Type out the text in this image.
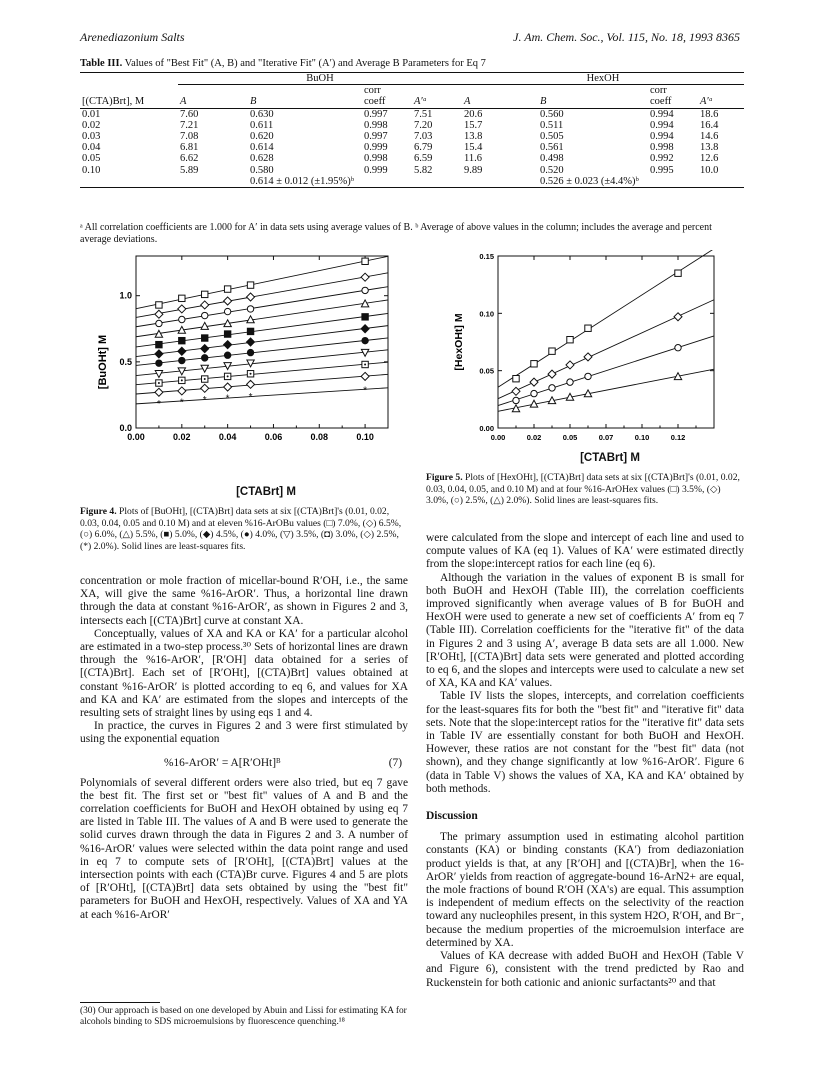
Arenediazonium Salts	J. Am. Chem. Soc., Vol. 115, No. 18, 1993 8365
Table III. Values of "Best Fit" (A, B) and "Iterative Fit" (A′) and Average B Parameters for Eq 7
	BuOH				HexOH			
			corr				corr	
[(CTA)Brt], M	A	B	coeff	A′ᵃ	A	B	coeff	A′ᵃ
0.01	7.60	0.630	0.997	7.51	20.6	0.560	0.994	18.6
0.02	7.21	0.611	0.998	7.20	15.7	0.511	0.994	16.4
0.03	7.08	0.620	0.997	7.03	13.8	0.505	0.994	14.6
0.04	6.81	0.614	0.999	6.79	15.4	0.561	0.998	13.8
0.05	6.62	0.628	0.998	6.59	11.6	0.498	0.992	12.6
0.10	5.89	0.580	0.999	5.82	9.89	0.520	0.995	10.0
		0.614 ± 0.012 (±1.95%)ᵇ				0.526 ± 0.023 (±4.4%)ᵇ		
ᵃ All correlation coefficients are 1.000 for A′ in data sets using average values of B. ᵇ Average of above values in the column; includes the average and percent average deviations.
0.00	0.02	0.04	0.06	0.08	0.10
0.0
0.5
1.0
* * * * *
*
[BuOHt] M
[CTABrt] M
Figure 4. Plots of [BuOHt], [(CTA)Brt] data sets at six [(CTA)Brt]'s (0.01, 0.02, 0.03, 0.04, 0.05 and 0.10 M) and at eleven %16-ArOBu values (□) 7.0%, (◇) 6.5%, (○) 6.0%, (△) 5.5%, (■) 5.0%, (◆) 4.5%, (●) 4.0%, (▽) 3.5%, (◘) 3.0%, (◇) 2.5%, (*) 2.0%). Solid lines are least-squares fits.
0.00	0.02	0.05	0.07	0.10	0.12
0.00
0.05
0.10
0.15
[HexOHt] M
[CTABrt] M
Figure 5. Plots of [HexOHt], [(CTA)Brt] data sets at six [(CTA)Brt]'s (0.01, 0.02, 0.03, 0.04, 0.05, and 0.10 M) and at four %16-ArOHex values (□) 3.5%, (◇) 3.0%, (○) 2.5%, (△) 2.0%). Solid lines are least-squares fits.

concentration or mole fraction of micellar-bound R′OH, i.e., the same XA, will give the same %16-ArOR′. Thus, a horizontal line drawn through the data at constant %16-ArOR′, as shown in Figures 2 and 3, intersects each [(CTA)Brt] curve at constant XA.

Conceptually, values of XA and KA or KA′ for a particular alcohol are estimated in a two-step process.³⁰ Sets of horizontal lines are drawn through the %16-ArOR′, [R′OH] data obtained for a series of [(CTA)Brt]. Each set of [R′OHt], [(CTA)Brt] values obtained at constant %16-ArOR′ is plotted according to eq 6, and values for XA and KA and KA′ are estimated from the slopes and intercepts of the resulting sets of straight lines by using eqs 1 and 4.

In practice, the curves in Figures 2 and 3 were first stimulated by using the exponential equation

%16-ArOR′ = A[R′OHt]ᴮ	(7)

Polynomials of several different orders were also tried, but eq 7 gave the best fit. The first set or "best fit" values of A and B and the correlation coefficients for BuOH and HexOH obtained by using eq 7 are listed in Table III. The values of A and B were used to generate the solid curves drawn through the data in Figures 2 and 3. A number of %16-ArOR′ values were selected within the data point range and used in eq 7 to compute sets of [R′OHt], [(CTA)Brt] values at the intersection points with each (CTA)Br curve. Figures 4 and 5 are plots of [R′OHt], [(CTA)Brt] data sets obtained by using the "best fit" parameters for BuOH and HexOH, respectively. Values of XA and YA at each %16-ArOR′

(30) Our approach is based on one developed by Abuin and Lissi for estimating KA for alcohols binding to SDS microemulsions by fluorescence quenching.¹⁸

were calculated from the slope and intercept of each line and used to compute values of KA (eq 1). Values of KA′ were estimated directly from the slope:intercept ratios for each line (eq 6).

Although the variation in the values of exponent B is small for both BuOH and HexOH (Table III), the correlation coefficients improved significantly when average values of B for BuOH and HexOH were used to generate a new set of coefficients A′ from eq 7 (Table III). Correlation coefficients for the "iterative fit" of the data in Figures 2 and 3 using A′, average B data sets are all 1.000. New [R′OHt], [(CTA)Brt] data sets were generated and plotted according to eq 6, and the slopes and intercepts were used to calculate a new set of XA, KA and KA′ values.

Table IV lists the slopes, intercepts, and correlation coefficients for the least-squares fits for both the "best fit" and "iterative fit" data sets. Note that the slope:intercept ratios for the "iterative fit" data sets in Table IV are essentially constant for both BuOH and HexOH. However, these ratios are not constant for the "best fit" data (not shown), and they change significantly at low %16-ArOR′. Figure 6 (data in Table V) shows the values of XA, KA and KA′ obtained by both methods.

Discussion

The primary assumption used in estimating alcohol partition constants (KA) or binding constants (KA′) from dediazoniation product yields is that, at any [R′OH] and [(CTA)Br], when the 16-ArOR′ yields from reaction of aggregate-bound 16-ArN2+ are equal, the mole fractions of bound R′OH (XA's) are equal. This assumption is independent of medium effects on the selectivity of the reaction toward any nucleophiles present, in this system H2O, R′OH, and Br⁻, because the medium properties of the microemulsion interface are determined by XA.

Values of KA decrease with added BuOH and HexOH (Table V and Figure 6), consistent with the trend predicted by Rao and Ruckenstein for both cationic and anionic surfactants²⁰ and that
